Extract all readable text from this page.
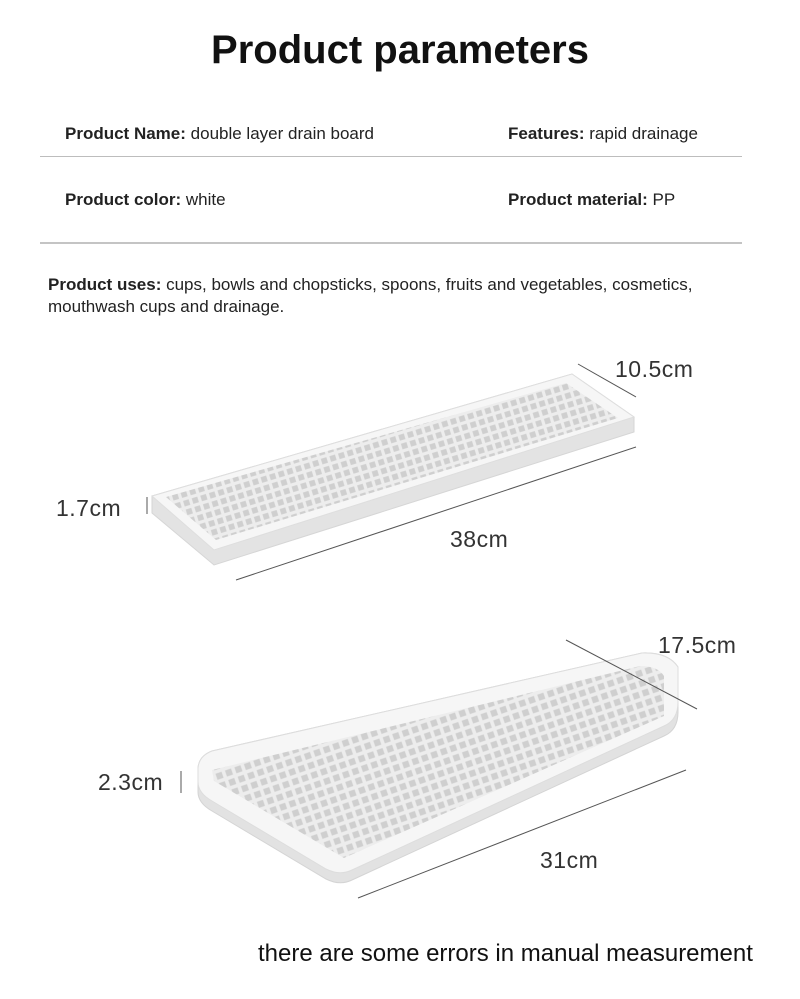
Product parameters
Product Name: double layer drain board	Features: rapid drainage
Product color: white	Product material: PP
Product uses: cups, bowls and chopsticks, spoons, fruits and vegetables, cosmetics, mouthwash cups and drainage.
10.5cm
1.7cm
38cm
17.5cm
2.3cm
31cm
there are some errors in manual measurement
